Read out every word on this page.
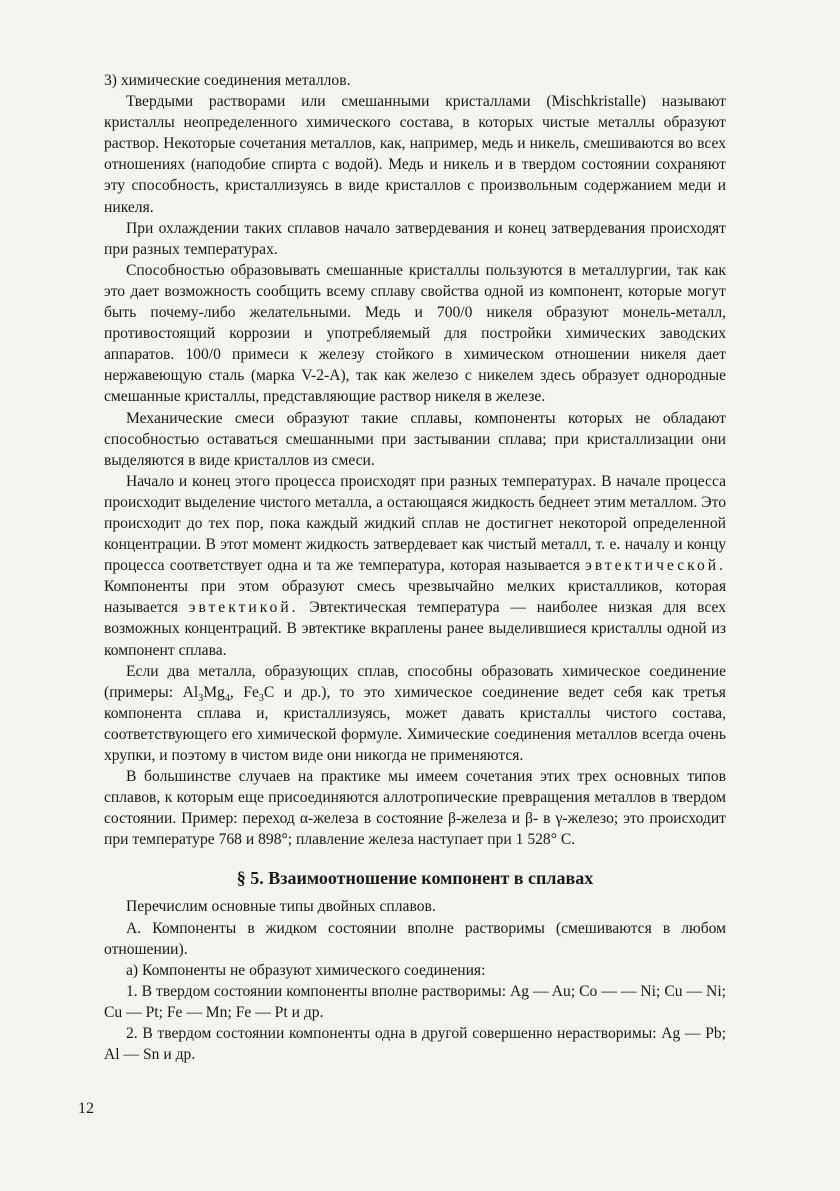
3) химические соединения металлов.

Твердыми растворами или смешанными кристаллами (Mischkristalle) называют кристаллы неопределенного химического состава, в которых чистые металлы образуют раствор. Некоторые сочетания металлов, как, например, медь и никель, смешиваются во всех отношениях (наподобие спирта с водой). Медь и никель и в твердом состоянии сохраняют эту способность, кристаллизуясь в виде кристаллов с произвольным содержанием меди и никеля.

При охлаждении таких сплавов начало затвердевания и конец затвердевания происходят при разных температурах.

Способностью образовывать смешанные кристаллы пользуются в металлургии, так как это дает возможность сообщить всему сплаву свойства одной из компонент, которые могут быть почему-либо желательными. Медь и 700/0 никеля образуют монель-металл, противостоящий коррозии и употребляемый для постройки химических заводских аппаратов. 100/0 примеси к железу стойкого в химическом отношении никеля дает нержавеющую сталь (марка V-2-A), так как железо с никелем здесь образует однородные смешанные кристаллы, представляющие раствор никеля в железе.

Механические смеси образуют такие сплавы, компоненты которых не обладают способностью оставаться смешанными при застывании сплава; при кристаллизации они выделяются в виде кристаллов из смеси.

Начало и конец этого процесса происходят при разных температурах. В начале процесса происходит выделение чистого металла, а остающаяся жидкость беднеет этим металлом. Это происходит до тех пор, пока каждый жидкий сплав не достигнет некоторой определенной концентрации. В этот момент жидкость затвердевает как чистый металл, т. е. началу и концу процесса соответствует одна и та же температура, которая называется эвтектической. Компоненты при этом образуют смесь чрезвычайно мелких кристалликов, которая называется эвтектикой. Эвтектическая температура — наиболее низкая для всех возможных концентраций. В эвтектике вкраплены ранее выделившиеся кристаллы одной из компонент сплава.

Если два металла, образующих сплав, способны образовать химическое соединение (примеры: $Al_3Mg_4$, $Fe_3C$ и др.), то это химическое соединение ведет себя как третья компонента сплава и, кристаллизуясь, может давать кристаллы чистого состава, соответствующего его химической формуле. Химические соединения металлов всегда очень хрупки, и поэтому в чистом виде они никогда не применяются.

В большинстве случаев на практике мы имеем сочетания этих трех основных типов сплавов, к которым еще присоединяются аллотропические превращения металлов в твердом состоянии. Пример: переход α-железа в состояние β-железа и β- в γ-железо; это происходит при температуре 768 и 898°; плавление железа наступает при 1 528° C.

§ 5. Взаимоотношение компонент в сплавах

Перечислим основные типы двойных сплавов.

А. Компоненты в жидком состоянии вполне растворимы (смешиваются в любом отношении).

а) Компоненты не образуют химического соединения:

1. В твердом состоянии компоненты вполне растворимы: Ag — Au; Co — — Ni; Cu — Ni; Cu — Pt; Fe — Mn; Fe — Pt и др.

2. В твердом состоянии компоненты одна в другой совершенно нерастворимы: Ag — Pb; Al — Sn и др.

12
